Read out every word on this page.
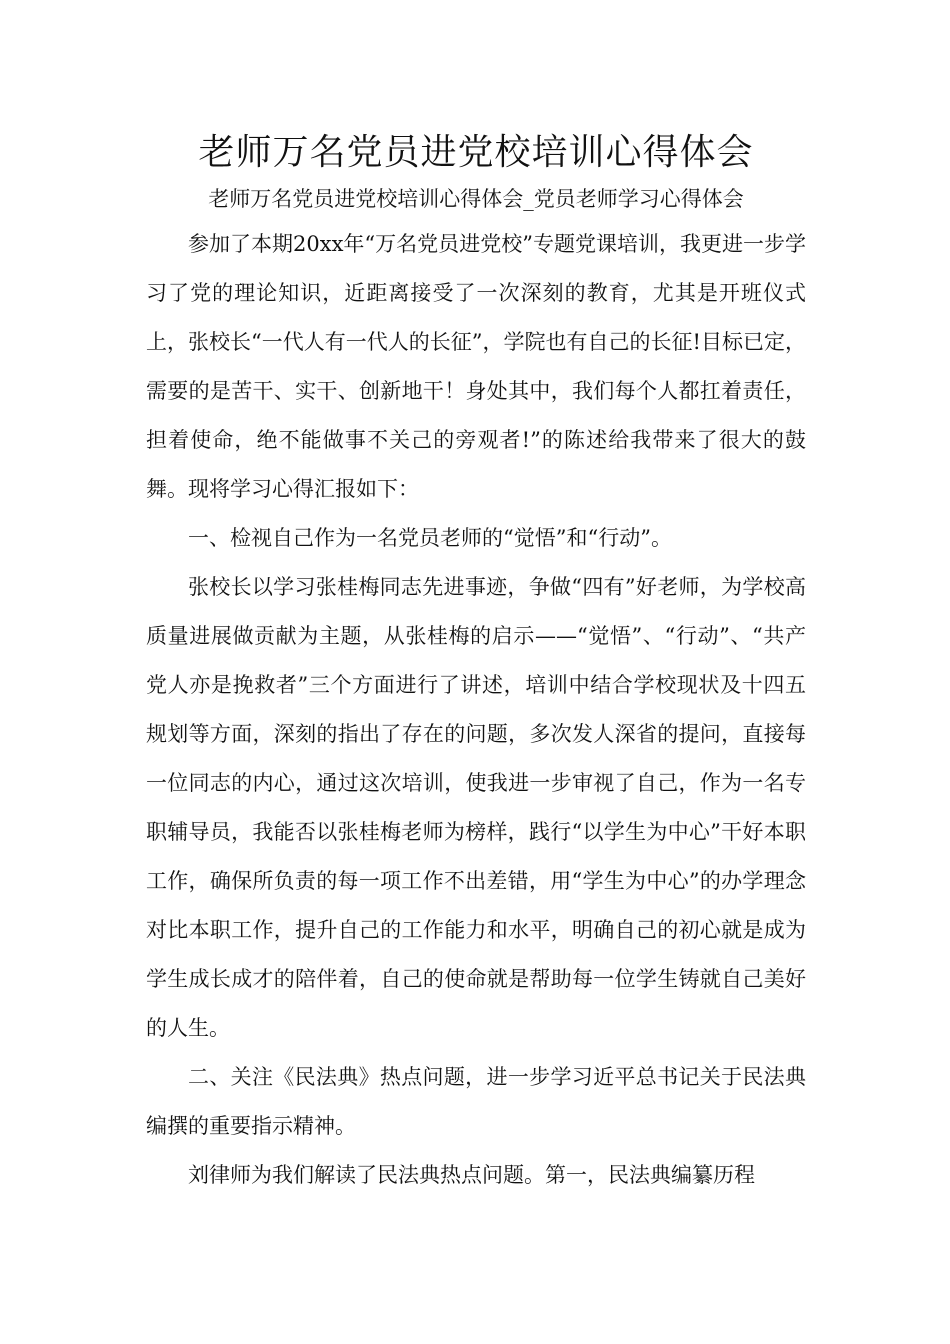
老师万名党员进党校培训心得体会
老师万名党员进党校培训心得体会_党员老师学习心得体会

参加了本期20xx年“万名党员进党校”专题党课培训，我更进一步学习了党的理论知识，近距离接受了一次深刻的教育，尤其是开班仪式上，张校长“一代人有一代人的长征”，学院也有自己的长征!目标已定，需要的是苦干、实干、创新地干！身处其中，我们每个人都扛着责任，担着使命，绝不能做事不关己的旁观者!”的陈述给我带来了很大的鼓舞。现将学习心得汇报如下：

一、检视自己作为一名党员老师的“觉悟”和“行动”。

张校长以学习张桂梅同志先进事迹，争做“四有”好老师，为学校高质量进展做贡献为主题，从张桂梅的启示——“觉悟”、“行动”、“共产党人亦是挽救者”三个方面进行了讲述，培训中结合学校现状及十四五规划等方面，深刻的指出了存在的问题，多次发人深省的提问，直接每一位同志的内心，通过这次培训，使我进一步审视了自己，作为一名专职辅导员，我能否以张桂梅老师为榜样，践行“以学生为中心”干好本职工作，确保所负责的每一项工作不出差错，用“学生为中心”的办学理念对比本职工作，提升自己的工作能力和水平，明确自己的初心就是成为学生成长成才的陪伴着，自己的使命就是帮助每一位学生铸就自己美好的人生。

二、关注《民法典》热点问题，进一步学习近平总书记关于民法典编撰的重要指示精神。

刘律师为我们解读了民法典热点问题。第一，民法典编纂历程
